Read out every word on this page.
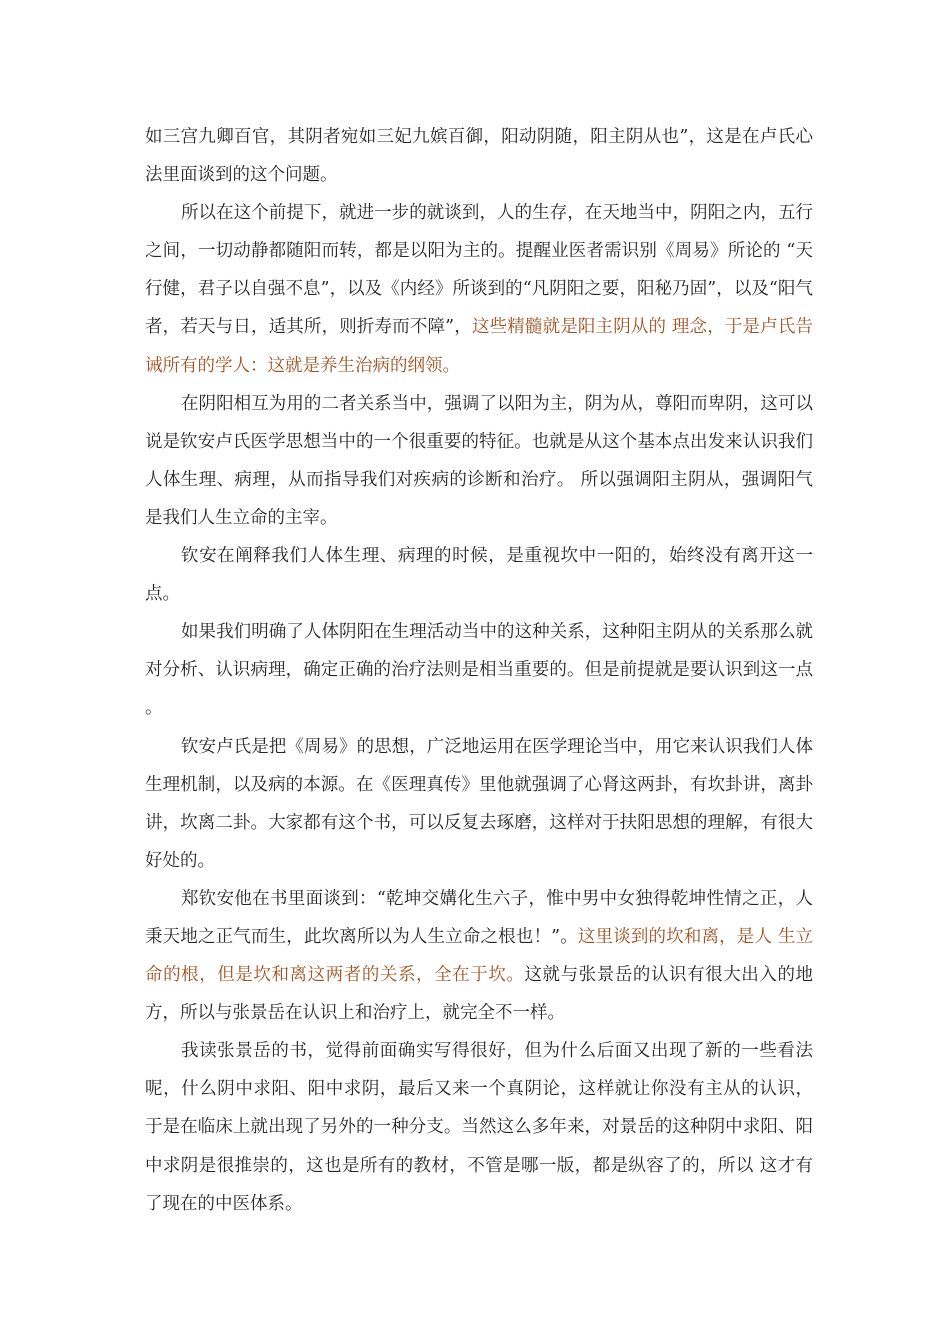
如三宫九卿百官，其阴者宛如三妃九嫔百御，阳动阴随，阳主阴从也”，这是在卢氏心法里面谈到的这个问题。

所以在这个前提下，就进一步的就谈到，人的生存，在天地当中，阴阳之内，五行之间，一切动静都随阳而转，都是以阳为主的。提醒业医者需识别《周易》所论的 “天行健，君子以自强不息”，以及《内经》所谈到的“凡阴阳之要，阳秘乃固”，以及“阳气者，若天与日，适其所，则折寿而不障”，这些精髓就是阳主阴从的 理念，于是卢氏告诫所有的学人：这就是养生治病的纲领。

在阴阳相互为用的二者关系当中，强调了以阳为主，阴为从，尊阳而卑阴，这可以说是钦安卢氏医学思想当中的一个很重要的特征。也就是从这个基本点出发来认识我们人体生理、病理，从而指导我们对疾病的诊断和治疗。 所以强调阳主阴从，强调阳气是我们人生立命的主宰。

钦安在阐释我们人体生理、病理的时候，是重视坎中一阳的，始终没有离开这一点。

如果我们明确了人体阴阳在生理活动当中的这种关系，这种阳主阴从的关系那么就对分析、认识病理，确定正确的治疗法则是相当重要的。但是前提就是要认识到这一点 。

钦安卢氏是把《周易》的思想，广泛地运用在医学理论当中，用它来认识我们人体生理机制，以及病的本源。在《医理真传》里他就强调了心肾这两卦，有坎卦讲，离卦讲，坎离二卦。大家都有这个书，可以反复去琢磨，这样对于扶阳思想的理解，有很大好处的。

郑钦安他在书里面谈到：“乾坤交媾化生六子，惟中男中女独得乾坤性情之正，人秉天地之正气而生，此坎离所以为人生立命之根也！”。这里谈到的坎和离，是人 生立命的根，但是坎和离这两者的关系，全在于坎。这就与张景岳的认识有很大出入的地方，所以与张景岳在认识上和治疗上，就完全不一样。

我读张景岳的书，觉得前面确实写得很好，但为什么后面又出现了新的一些看法呢，什么阴中求阳、阳中求阴，最后又来一个真阴论，这样就让你没有主从的认识， 于是在临床上就出现了另外的一种分支。当然这么多年来，对景岳的这种阴中求阳、阳中求阴是很推崇的，这也是所有的教材，不管是哪一版，都是纵容了的，所以 这才有了现在的中医体系。
